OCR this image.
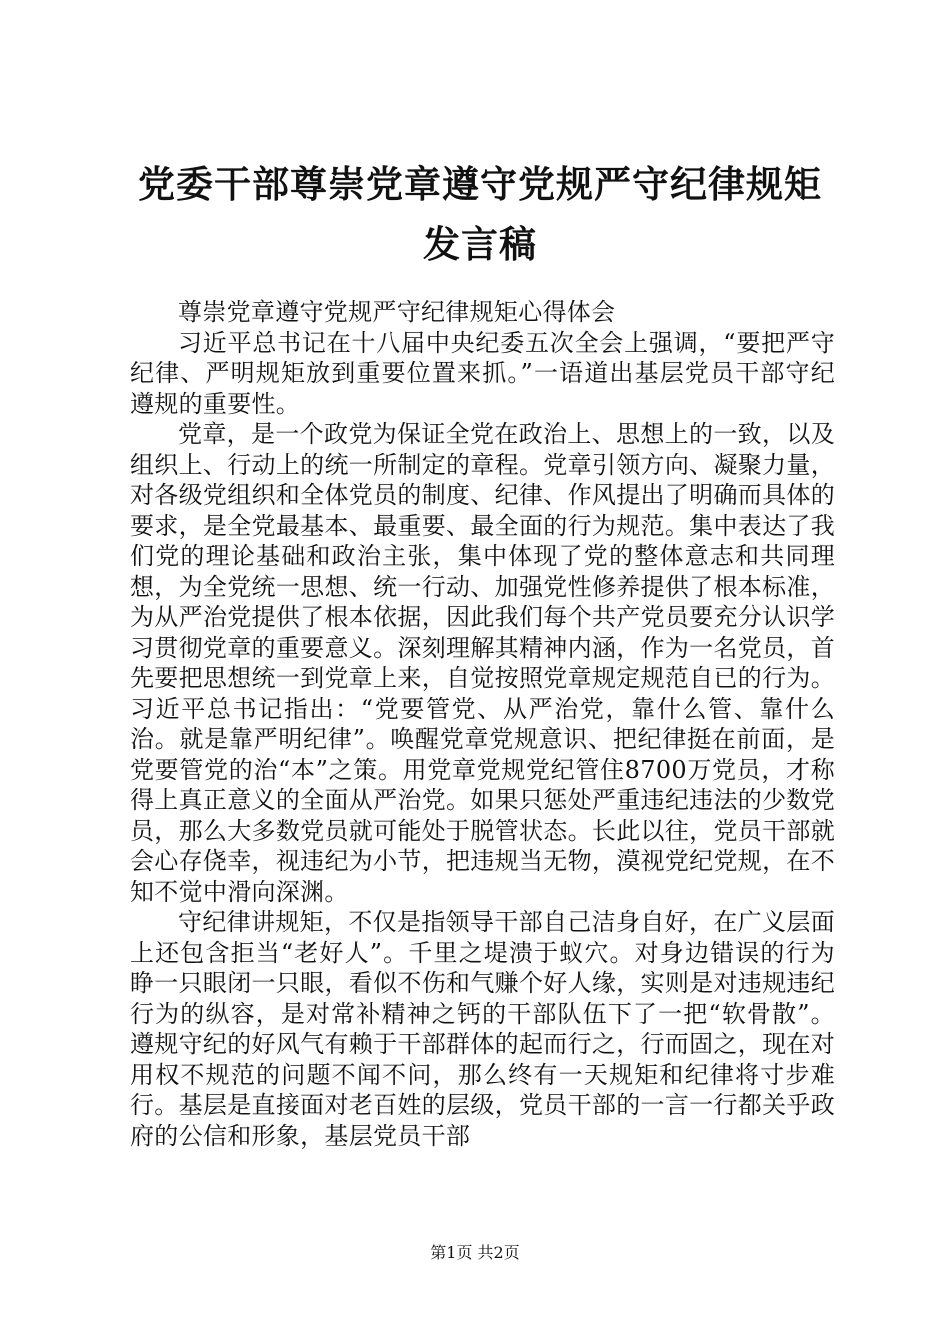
党委干部尊崇党章遵守党规严守纪律规矩发言稿

尊崇党章遵守党规严守纪律规矩心得体会

习近平总书记在十八届中央纪委五次全会上强调，“要把严守纪律、严明规矩放到重要位置来抓。”一语道出基层党员干部守纪遵规的重要性。

党章，是一个政党为保证全党在政治上、思想上的一致，以及组织上、行动上的统一所制定的章程。党章引领方向、凝聚力量，对各级党组织和全体党员的制度、纪律、作风提出了明确而具体的要求，是全党最基本、最重要、最全面的行为规范。集中表达了我们党的理论基础和政治主张，集中体现了党的整体意志和共同理想，为全党统一思想、统一行动、加强党性修养提供了根本标准，为从严治党提供了根本依据，因此我们每个共产党员要充分认识学习贯彻党章的重要意义。深刻理解其精神内涵，作为一名党员，首先要把思想统一到党章上来，自觉按照党章规定规范自已的行为。习近平总书记指出：“党要管党、从严治党，靠什么管、靠什么治。就是靠严明纪律”。唤醒党章党规意识、把纪律挺在前面，是党要管党的治“本”之策。用党章党规党纪管住8700万党员，才称得上真正意义的全面从严治党。如果只惩处严重违纪违法的少数党员，那么大多数党员就可能处于脱管状态。长此以往，党员干部就会心存侥幸，视违纪为小节，把违规当无物，漠视党纪党规，在不知不觉中滑向深渊。

守纪律讲规矩，不仅是指领导干部自己洁身自好，在广义层面上还包含拒当“老好人”。千里之堤溃于蚁穴。对身边错误的行为睁一只眼闭一只眼，看似不伤和气赚个好人缘，实则是对违规违纪行为的纵容，是对常补精神之钙的干部队伍下了一把“软骨散”。遵规守纪的好风气有赖于干部群体的起而行之，行而固之，现在对用权不规范的问题不闻不问，那么终有一天规矩和纪律将寸步难行。基层是直接面对老百姓的层级，党员干部的一言一行都关乎政府的公信和形象，基层党员干部

第1页 共2页
